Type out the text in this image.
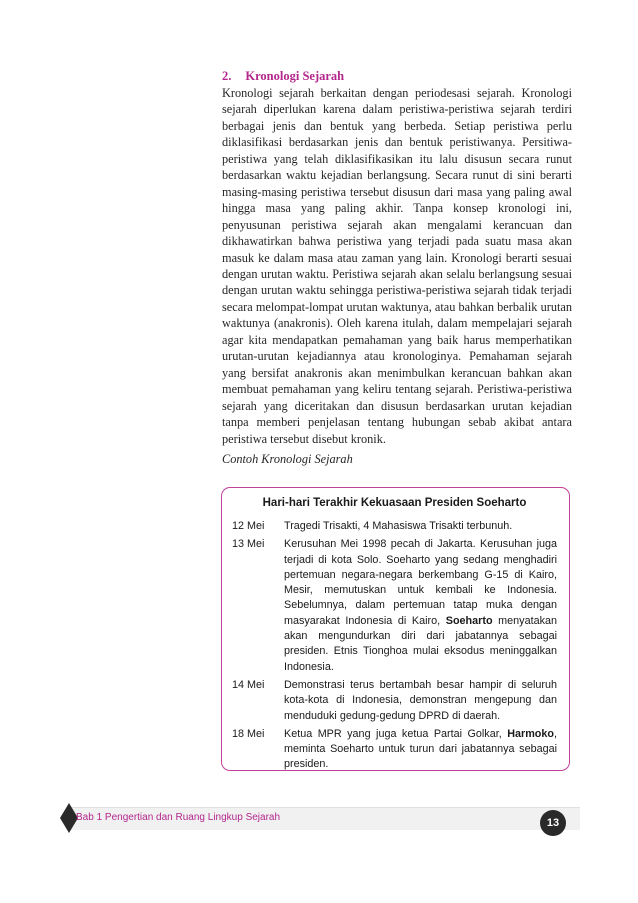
2. Kronologi Sejarah

Kronologi sejarah berkaitan dengan periodesasi sejarah. Kronologi sejarah diperlukan karena dalam peristiwa-peristiwa sejarah terdiri berbagai jenis dan bentuk yang berbeda. Setiap peristiwa perlu diklasifikasi berdasarkan jenis dan bentuk peristiwanya. Persitiwa-peristiwa yang telah diklasifikasikan itu lalu disusun secara runut berdasarkan waktu kejadian berlangsung. Secara runut di sini berarti masing-masing peristiwa tersebut disusun dari masa yang paling awal hingga masa yang paling akhir. Tanpa konsep kronologi ini, penyusunan peristiwa sejarah akan mengalami kerancuan dan dikhawatirkan bahwa peristiwa yang terjadi pada suatu masa akan masuk ke dalam masa atau zaman yang lain. Kronologi berarti sesuai dengan urutan waktu. Peristiwa sejarah akan selalu berlangsung sesuai dengan urutan waktu sehingga peristiwa-peristiwa sejarah tidak terjadi secara melompat-lompat urutan waktunya, atau bahkan berbalik urutan waktunya (anakronis). Oleh karena itulah, dalam mempelajari sejarah agar kita mendapatkan pemahaman yang baik harus memperhatikan urutan-urutan kejadiannya atau kronologinya. Pemahaman sejarah yang bersifat anakronis akan menimbulkan kerancuan bahkan akan membuat pemahaman yang keliru tentang sejarah. Peristiwa-peristiwa sejarah yang diceritakan dan disusun berdasarkan urutan kejadian tanpa memberi penjelasan tentang hubungan sebab akibat antara peristiwa tersebut disebut kronik.

Contoh Kronologi Sejarah
Hari-hari Terakhir Kekuasaan Presiden Soeharto
12 Mei	Tragedi Trisakti, 4 Mahasiswa Trisakti terbunuh.
13 Mei	Kerusuhan Mei 1998 pecah di Jakarta. Kerusuhan juga terjadi di kota Solo. Soeharto yang sedang menghadiri pertemuan negara-negara berkembang G-15 di Kairo, Mesir, memutuskan untuk kembali ke Indonesia. Sebelumnya, dalam pertemuan tatap muka dengan masyarakat Indonesia di Kairo, Soeharto menyatakan akan mengundurkan diri dari jabatannya sebagai presiden. Etnis Tionghoa mulai eksodus meninggalkan Indonesia.
14 Mei	Demonstrasi terus bertambah besar hampir di seluruh kota-kota di Indonesia, demonstran mengepung dan menduduki gedung-gedung DPRD di daerah.
18 Mei	Ketua MPR yang juga ketua Partai Golkar, Harmoko, meminta Soeharto untuk turun dari jabatannya sebagai presiden.
Bab 1 Pengertian dan Ruang Lingkup Sejarah	13
